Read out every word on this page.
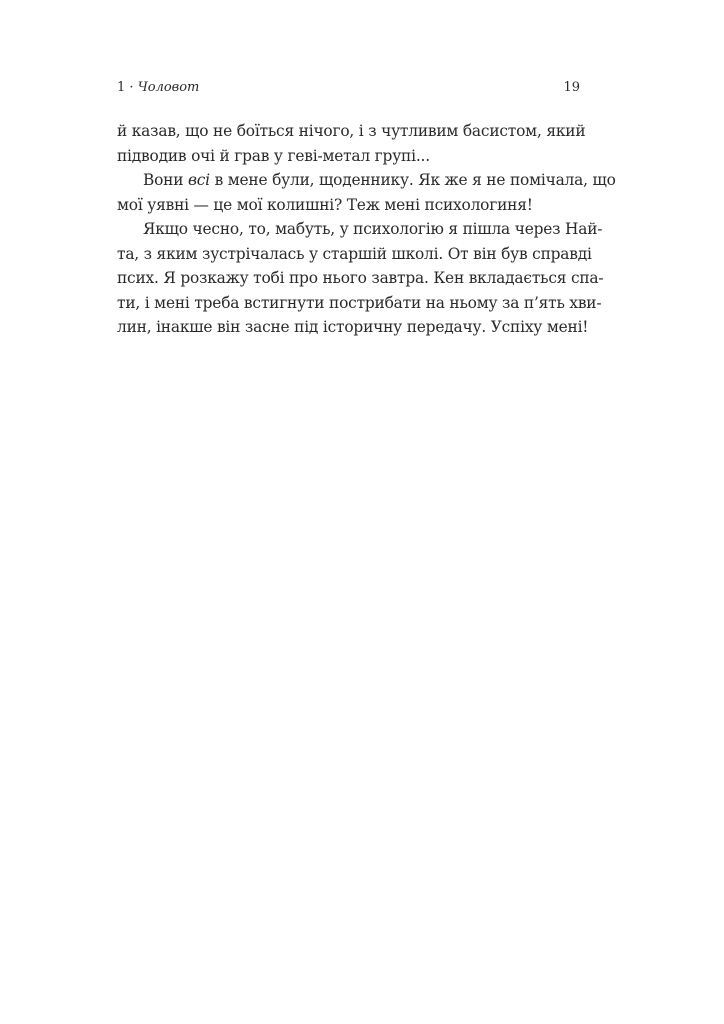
1 · Чоловот	19
й казав, що не боїться нічого, і з чутливим басистом, який
підводив очі й грав у геві-метал групі...
Вони всі в мене були, щоденнику. Як же я не помічала, що
мої уявні — це мої колишні? Теж мені психологиня!
Якщо чесно, то, мабуть, у психологію я пішла через Най-
та, з яким зустрічалась у старшій школі. От він був справді
псих. Я розкажу тобі про нього завтра. Кен вкладається спа-
ти, і мені треба встигнути пострибати на ньому за п’ять хви-
лин, інакше він засне під історичну передачу. Успіху мені!
